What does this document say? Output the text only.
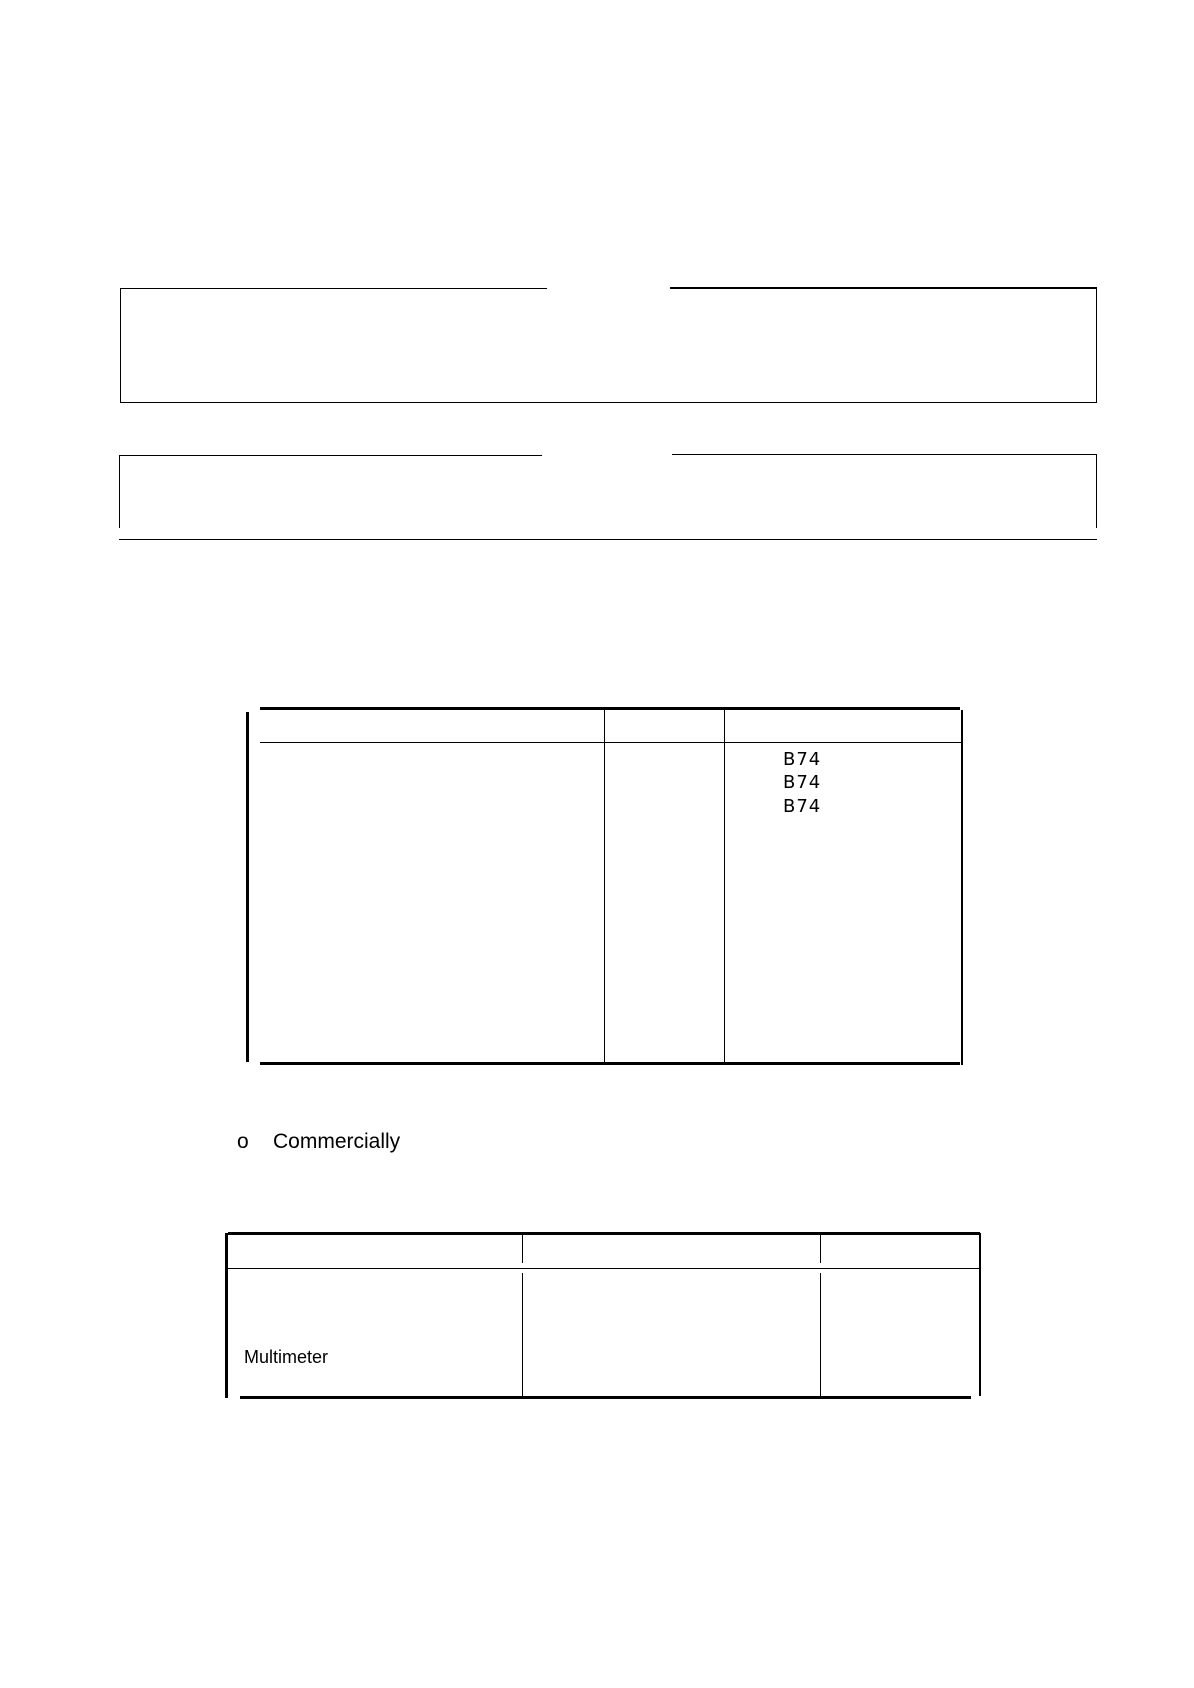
B74
B74
B74
o Commercially
Multimeter
